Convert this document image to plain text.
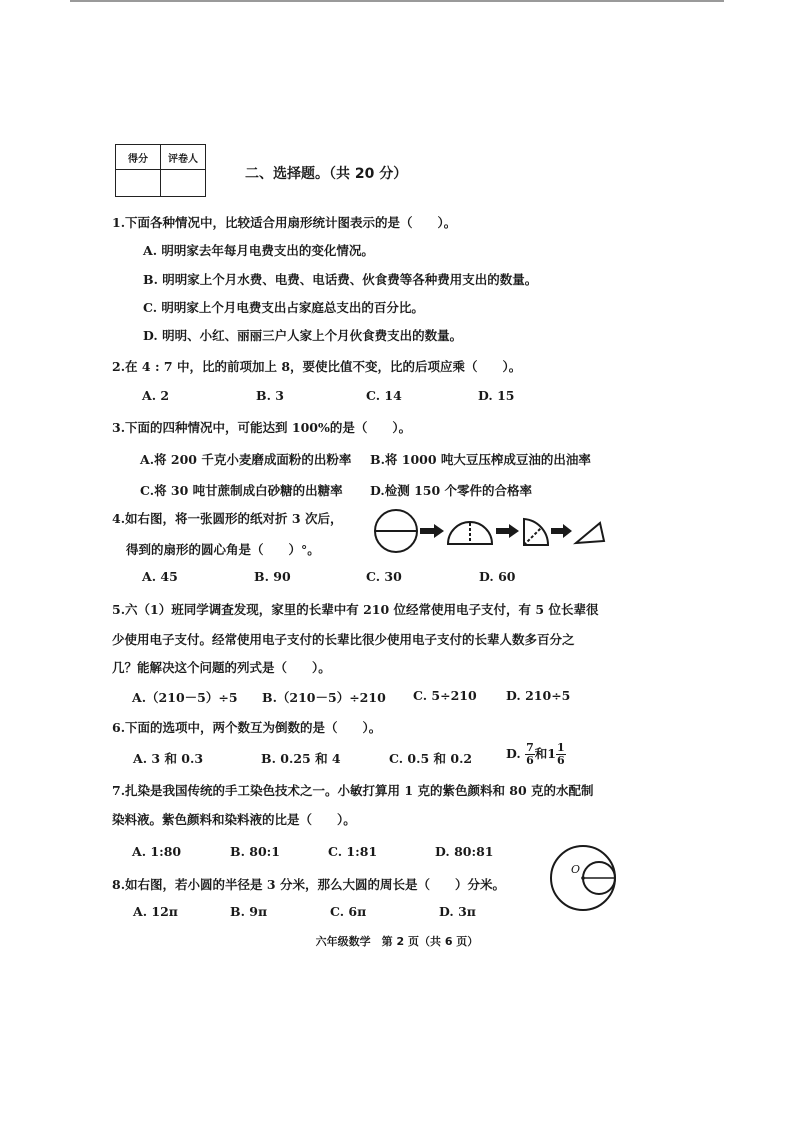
得分	评卷人

二、选择题。（共 20 分）

1.下面各种情况中，比较适合用扇形统计图表示的是（　　）。

A. 明明家去年每月电费支出的变化情况。
B. 明明家上个月水费、电费、电话费、伙食费等各种费用支出的数量。
C. 明明家上个月电费支出占家庭总支出的百分比。
D. 明明、小红、丽丽三户人家上个月伙食费支出的数量。

2.在 4 : 7 中，比的前项加上 8，要使比值不变，比的后项应乘（　　）。

A. 2	B. 3	C. 14	D. 15

3.下面的四种情况中，可能达到 100%的是（　　）。

A.将 200 千克小麦磨成面粉的出粉率 B.将 1000 吨大豆压榨成豆油的出油率
C.将 30 吨甘蔗制成白砂糖的出糖率 D.检测 150 个零件的合格率

4.如右图，将一张圆形的纸对折 3 次后，

得到的扇形的圆心角是（　　）°。

A. 45	B. 90	C. 30	D. 60

5.六（1）班同学调查发现，家里的长辈中有 210 位经常使用电子支付，有 5 位长辈很

少使用电子支付。经常使用电子支付的长辈比很少使用电子支付的长辈人数多百分之

几？能解决这个问题的列式是（　　）。

A.（210－5）÷5 B.（210－5）÷210 C. 5÷210 D. 210÷5

6.下面的选项中，两个数互为倒数的是（　　）。

A. 3 和 0.3	B. 0.25 和 4	C. 0.5 和 0.2	D. $\frac{7}{6}$ 和$1 \frac{1}{6}$

7.扎染是我国传统的手工染色技术之一。小敏打算用 1 克的紫色颜料和 80 克的水配制

染料液。紫色颜料和染料液的比是（　　）。

A. 1:80	B. 80:1	C. 1:81	D. 80:81
O

8.如右图，若小圆的半径是 3 分米，那么大圆的周长是（　　）分米。

A. 12π	B. 9π	C. 6π	D. 3π
六年级数学　第 2 页（共 6 页）
